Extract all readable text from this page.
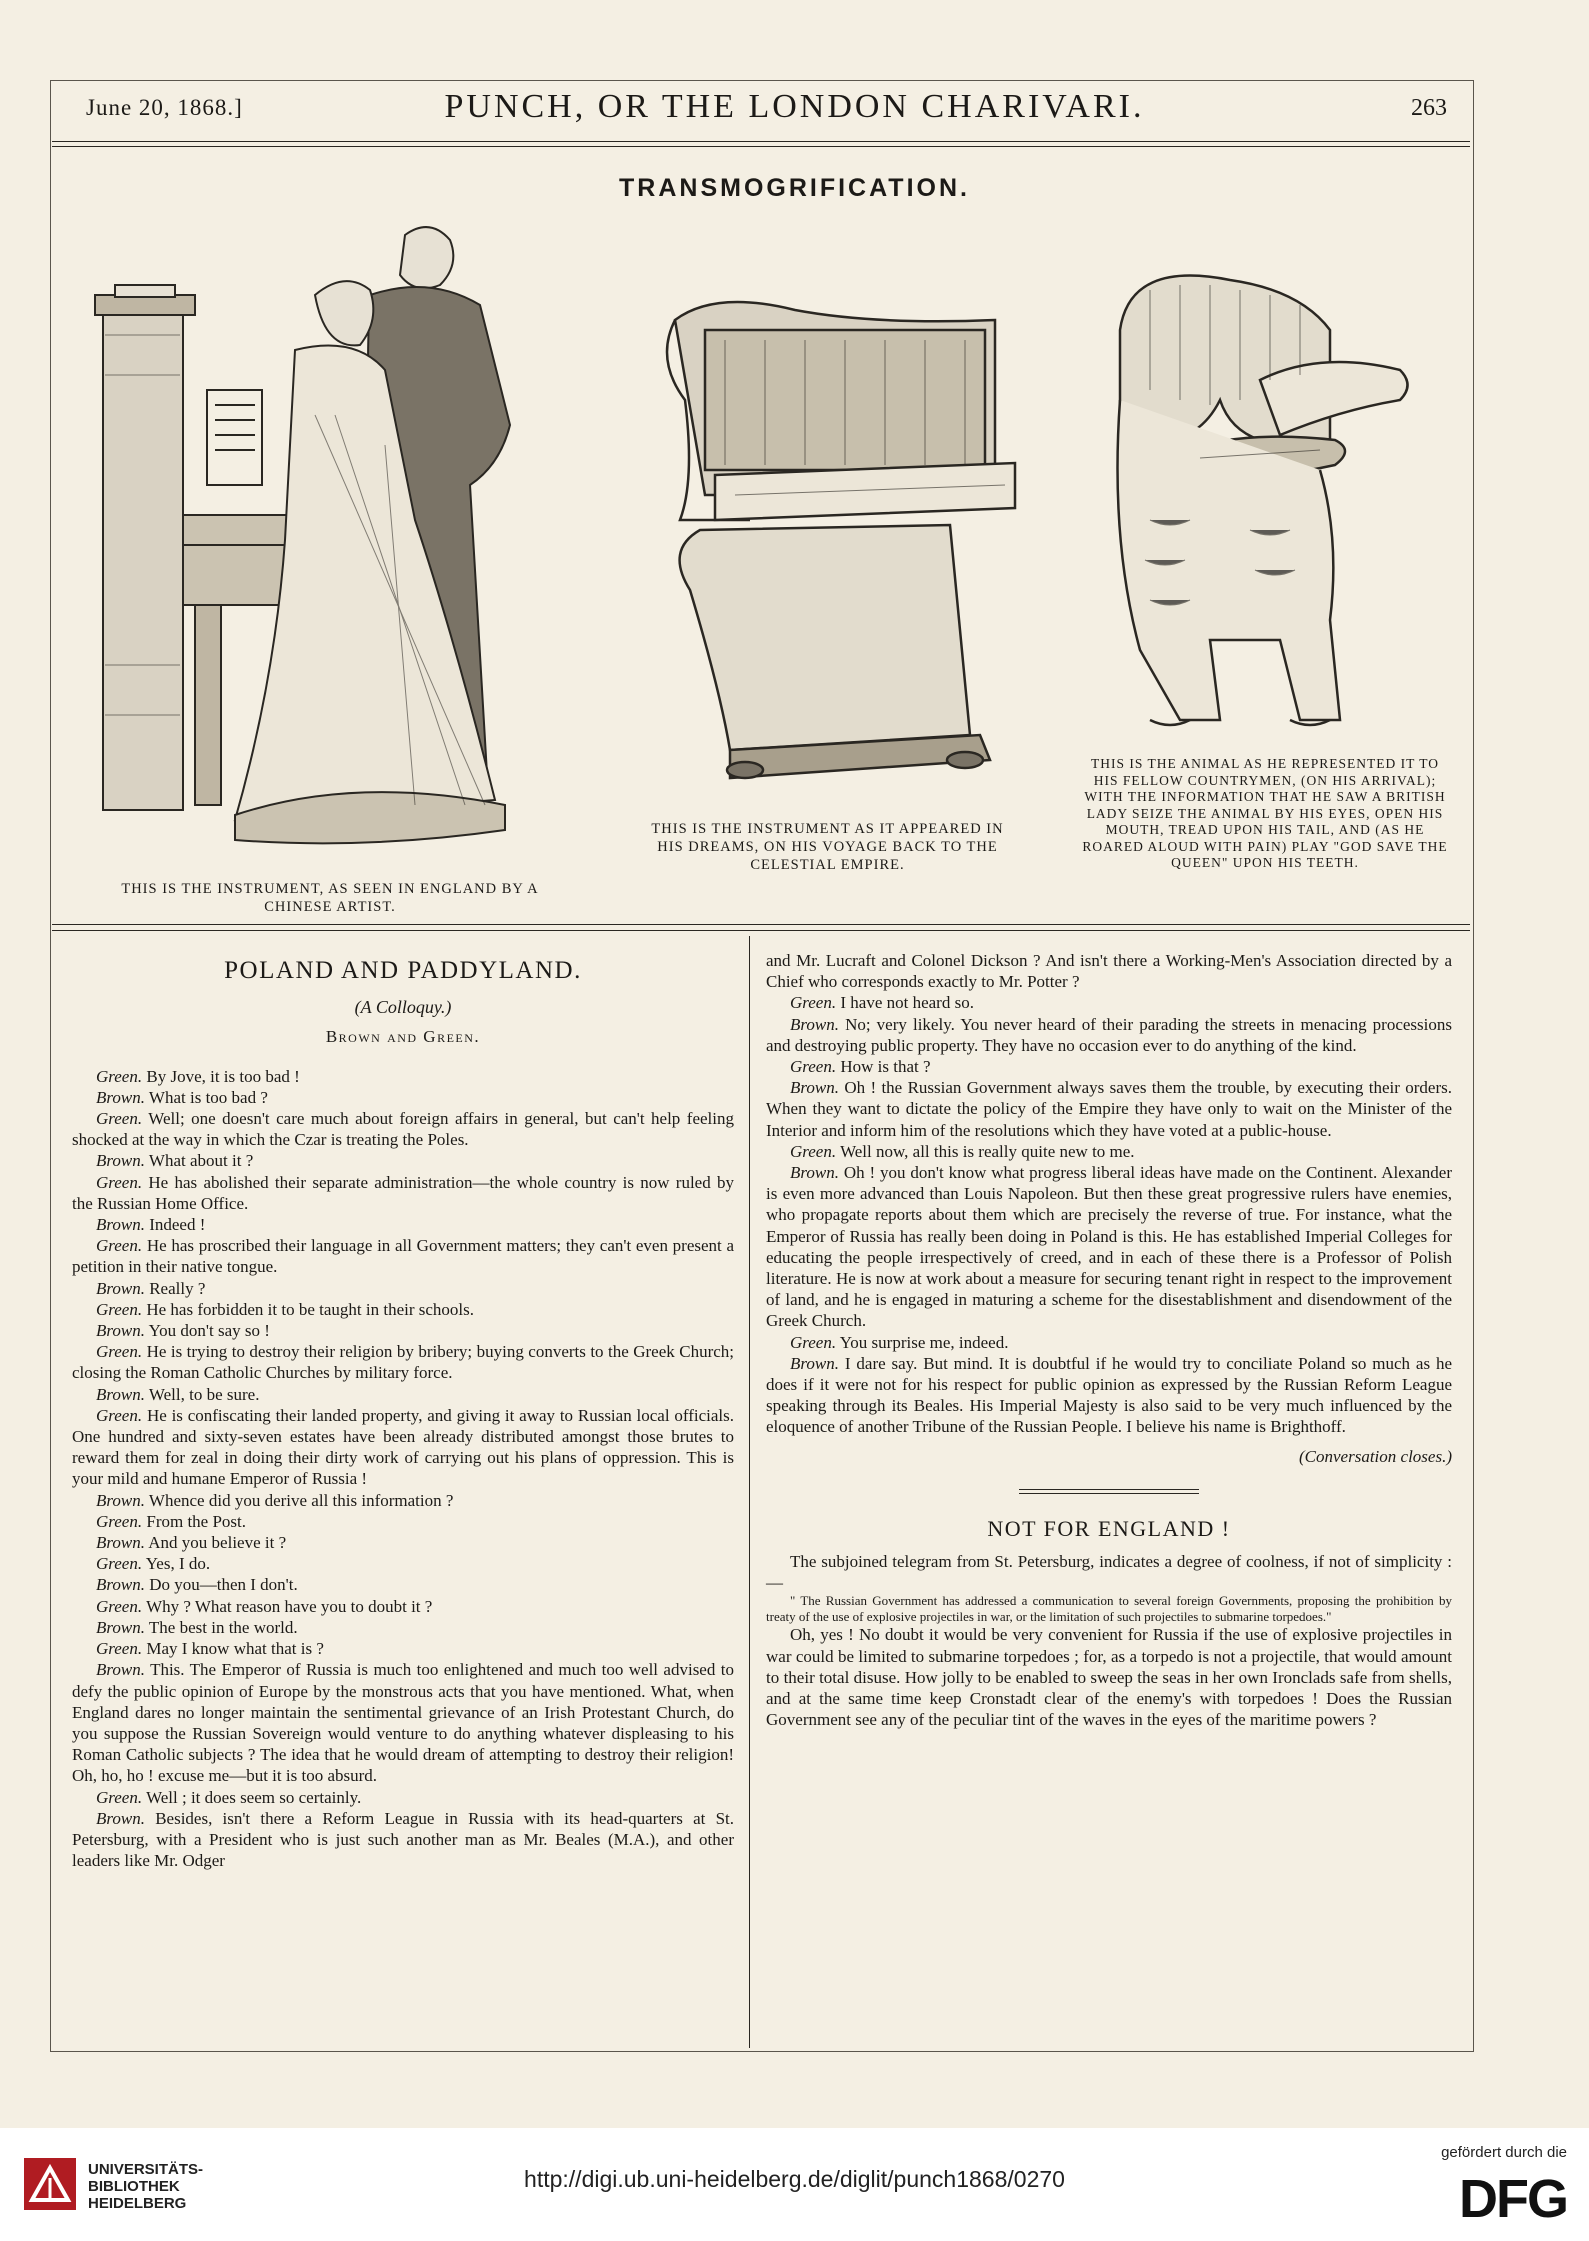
June 20, 1868.]	PUNCH, OR THE LONDON CHARIVARI.	263
TRANSMOGRIFICATION.
THIS IS THE INSTRUMENT, AS SEEN IN ENGLAND BY A CHINESE ARTIST.
THIS IS THE INSTRUMENT AS IT APPEARED IN HIS DREAMS, ON HIS VOYAGE BACK TO THE CELESTIAL EMPIRE.
THIS IS THE ANIMAL AS HE REPRESENTED IT TO HIS FELLOW COUNTRYMEN, (ON HIS ARRIVAL); WITH THE INFORMATION THAT HE SAW A BRITISH LADY SEIZE THE ANIMAL BY HIS EYES, OPEN HIS MOUTH, TREAD UPON HIS TAIL, AND (AS HE ROARED ALOUD WITH PAIN) PLAY "GOD SAVE THE QUEEN" UPON HIS TEETH.
POLAND AND PADDYLAND.
(A Colloquy.)
Brown and Green.

Green. By Jove, it is too bad !

Brown. What is too bad ?

Green. Well; one doesn't care much about foreign affairs in general, but can't help feeling shocked at the way in which the Czar is treating the Poles.

Brown. What about it ?

Green. He has abolished their separate administration—the whole country is now ruled by the Russian Home Office.

Brown. Indeed !

Green. He has proscribed their language in all Government matters; they can't even present a petition in their native tongue.

Brown. Really ?

Green. He has forbidden it to be taught in their schools.

Brown. You don't say so !

Green. He is trying to destroy their religion by bribery; buying converts to the Greek Church; closing the Roman Catholic Churches by military force.

Brown. Well, to be sure.

Green. He is confiscating their landed property, and giving it away to Russian local officials. One hundred and sixty-seven estates have been already distributed amongst those brutes to reward them for zeal in doing their dirty work of carrying out his plans of oppression. This is your mild and humane Emperor of Russia !

Brown. Whence did you derive all this information ?

Green. From the Post.

Brown. And you believe it ?

Green. Yes, I do.

Brown. Do you—then I don't.

Green. Why ? What reason have you to doubt it ?

Brown. The best in the world.

Green. May I know what that is ?

Brown. This. The Emperor of Russia is much too enlightened and much too well advised to defy the public opinion of Europe by the monstrous acts that you have mentioned. What, when England dares no longer maintain the sentimental grievance of an Irish Protestant Church, do you suppose the Russian Sovereign would venture to do anything whatever displeasing to his Roman Catholic subjects ? The idea that he would dream of attempting to destroy their religion! Oh, ho, ho ! excuse me—but it is too absurd.

Green. Well ; it does seem so certainly.

Brown. Besides, isn't there a Reform League in Russia with its head-quarters at St. Petersburg, with a President who is just such another man as Mr. Beales (M.A.), and other leaders like Mr. Odger

and Mr. Lucraft and Colonel Dickson ? And isn't there a Working-Men's Association directed by a Chief who corresponds exactly to Mr. Potter ?

Green. I have not heard so.

Brown. No; very likely. You never heard of their parading the streets in menacing processions and destroying public property. They have no occasion ever to do anything of the kind.

Green. How is that ?

Brown. Oh ! the Russian Government always saves them the trouble, by executing their orders. When they want to dictate the policy of the Empire they have only to wait on the Minister of the Interior and inform him of the resolutions which they have voted at a public-house.

Green. Well now, all this is really quite new to me.

Brown. Oh ! you don't know what progress liberal ideas have made on the Continent. Alexander is even more advanced than Louis Napoleon. But then these great progressive rulers have enemies, who propagate reports about them which are precisely the reverse of true. For instance, what the Emperor of Russia has really been doing in Poland is this. He has established Imperial Colleges for educating the people irrespectively of creed, and in each of these there is a Professor of Polish literature. He is now at work about a measure for securing tenant right in respect to the improvement of land, and he is engaged in maturing a scheme for the disestablishment and disendowment of the Greek Church.

Green. You surprise me, indeed.

Brown. I dare say. But mind. It is doubtful if he would try to conciliate Poland so much as he does if it were not for his respect for public opinion as expressed by the Russian Reform League speaking through its Beales. His Imperial Majesty is also said to be very much influenced by the eloquence of another Tribune of the Russian People. I believe his name is Brighthoff.

(Conversation closes.)

NOT FOR ENGLAND !

The subjoined telegram from St. Petersburg, indicates a degree of coolness, if not of simplicity :—

" The Russian Government has addressed a communication to several foreign Governments, proposing the prohibition by treaty of the use of explosive projectiles in war, or the limitation of such projectiles to submarine torpedoes."

Oh, yes ! No doubt it would be very convenient for Russia if the use of explosive projectiles in war could be limited to submarine torpedoes ; for, as a torpedo is not a projectile, that would amount to their total disuse. How jolly to be enabled to sweep the seas in her own Ironclads safe from shells, and at the same time keep Cronstadt clear of the enemy's with torpedoes ! Does the Russian Government see any of the peculiar tint of the waves in the eyes of the maritime powers ?

UNIVERSITÄTS-
BIBLIOTHEK
HEIDELBERG
http://digi.ub.uni-heidelberg.de/diglit/punch1868/0270
gefördert durch die
DFG
